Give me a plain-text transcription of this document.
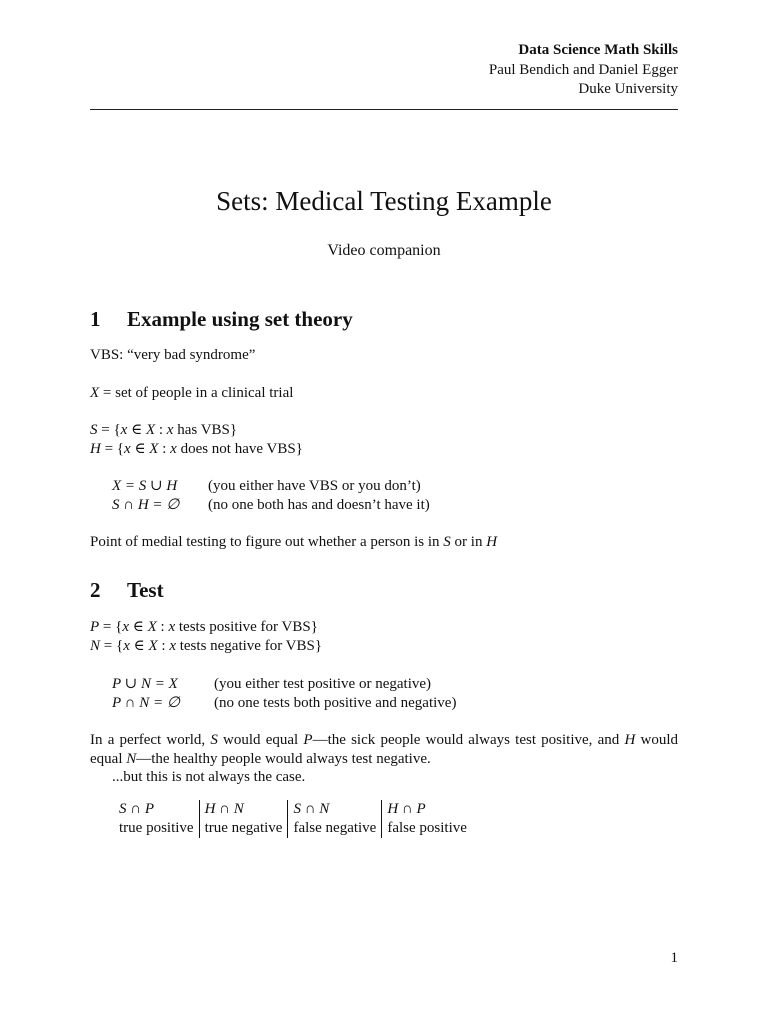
Data Science Math Skills
Paul Bendich and Daniel Egger
Duke University
Sets: Medical Testing Example
Video companion
1 Example using set theory
VBS: “very bad syndrome”
X = set of people in a clinical trial
S = {x ∈ X : x has VBS}
H = {x ∈ X : x does not have VBS}
X = S ∪ H (you either have VBS or you don’t)
S ∩ H = ∅ (no one both has and doesn’t have it)
Point of medial testing to figure out whether a person is in S or in H
2 Test
P = {x ∈ X : x tests positive for VBS}
N = {x ∈ X : x tests negative for VBS}
P ∪ N = X (you either test positive or negative)
P ∩ N = ∅ (no one tests both positive and negative)
In a perfect world, S would equal P—the sick people would always test positive, and H would equal N—the healthy people would always test negative.
...but this is not always the case.
S ∩ P	H ∩ N	S ∩ N	H ∩ P
true positive	true negative	false negative	false positive
1
